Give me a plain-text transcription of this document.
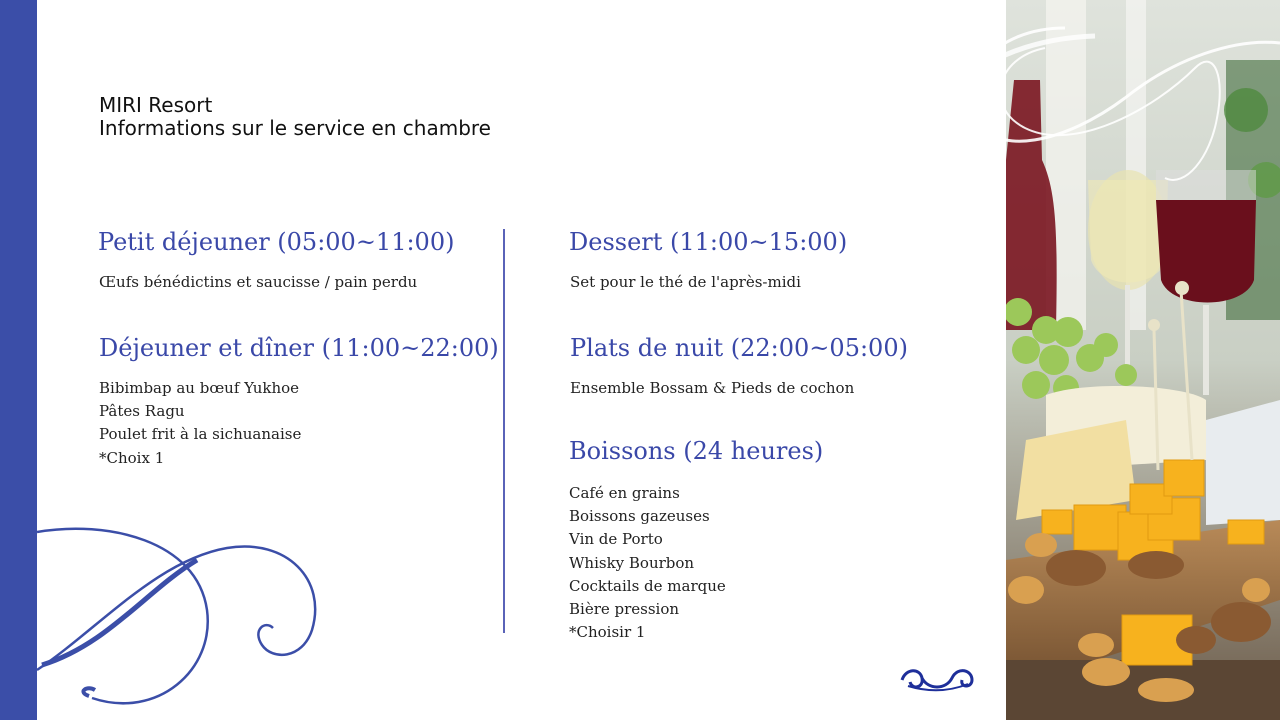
MIRI Resort
Informations sur le service en chambre
Petit déjeuner (05:00~11:00)
Œufs bénédictins et saucisse / pain perdu
Déjeuner et dîner (11:00~22:00)
Bibimbap au bœuf Yukhoe
Pâtes Ragu
Poulet frit à la sichuanaise
*Choix 1
Dessert (11:00~15:00)
Set pour le thé de l'après-midi
Plats de nuit (22:00~05:00)
Ensemble Bossam & Pieds de cochon
Boissons (24 heures)
Café en grains
Boissons gazeuses
Vin de Porto
Whisky Bourbon
Cocktails de marque
Bière pression
*Choisir 1
